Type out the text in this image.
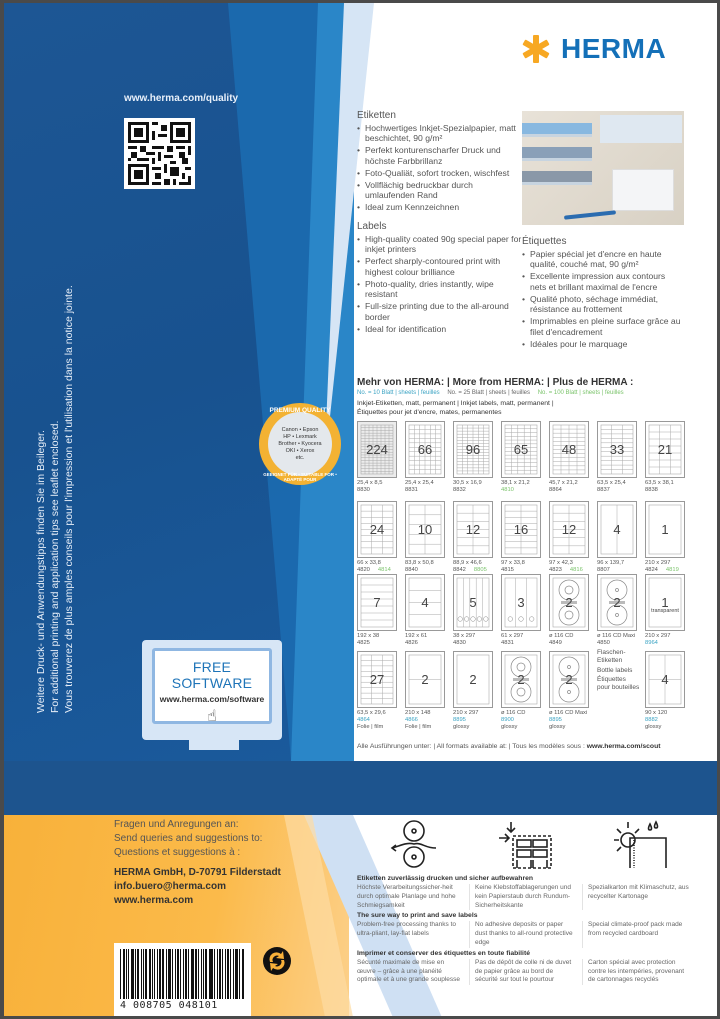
www.herma.com/quality
Weitere Druck- und Anwendungstipps finden Sie im Beileger. For additional printing and application tips see leaflet enclosed. Vous trouverez de plus amples conseils pour l'impression et l'utilisation dans la notice jointe.	PREMIUM QUALITY
Canon • Epson
HP • Lexmark
Brother • Kyocera
OKI • Xerox
etc.
GEEIGNET FÜR • SUITABLE FOR • ADAPTÉ POUR
FREE SOFTWARE
www.herma.com/software
☝
HERMA
Etiketten
• Hochwertiges Inkjet-Spezialpapier, matt beschichtet, 90 g/m²
• Perfekt konturenscharfer Druck und höchste Farbbrillanz
• Foto-Qualiät, sofort trocken, wischfest
• Vollflächig bedruckbar durch umlaufenden Rand
• Ideal zum Kennzeichnen
Labels
• High-quality coated 90g special paper for inkjet printers
• Perfect sharply-contoured print with highest colour brilliance
• Photo-quality, dries instantly, wipe resistant
• Full-size printing due to the all-around border
• Ideal for identification
Étiquettes
• Papier spécial jet d'encre en haute qualité, couché mat, 90 g/m²
• Excellente impression aux contours nets et brillant maximal de l'encre
• Qualité photo, séchage immédiat, résistance au frottement
• Imprimables en pleine surface grâce au filet d'encadrement
• Idéales pour le marquage
Mehr von HERMA: | More from HERMA: | Plus de HERMA :
No. = 10 Blatt | sheets | feuilles No. = 25 Blatt | sheets | feuilles No. = 100 Blatt | sheets | feuilles
Inkjet-Etiketten, matt, permanent | Inkjet labels, matt, permanent |
Étiquettes pour jet d'encre, mates, permanentes
224
25,4 x 8,5
8830
66
25,4 x 25,4
8831
96
30,5 x 16,9
8832
65
38,1 x 21,2
4810
48
45,7 x 21,2
8864
33
63,5 x 25,4
8837
21
63,5 x 38,1
8838
24
66 x 33,8
4820 4814
10
83,8 x 50,8
8840
12
88,9 x 46,6
8842 8805
16
97 x 33,8
4815
12
97 x 42,3
4823 4816
4
96 x 139,7
8807
1
210 x 297
4824 4819
7
192 x 38
4825
4
192 x 61
4826
5
38 x 297
4830
3
61 x 297
4831
2
ø 116 CD
4849
2
ø 116 CD Maxi
4850
1
transparent
210 x 297
8964
27
63,5 x 29,6
4864
Folie | film
2
210 x 148
4866
Folie | film
2
210 x 297
8895
glossy
2
ø 116 CD
8900
glossy
2
ø 116 CD Maxi
8895
glossy
4
90 x 120
8882
glossy
Flaschen-
Etiketten
Bottle labels
Étiquettes
pour bouteilles
Alle Ausführungen unter: | All formats available at: | Tous les modèles sous : www.herma.com/scout
Fragen und Anregungen an:
Send queries and suggestions to:
Questions et suggestions à :
HERMA GmbH, D-70791 Filderstadt
info.buero@herma.com
www.herma.com
4 008705 048101
Etiketten zuverlässig drucken und sicher aufbewahren
Höchste Verarbeitungssicher-heit durch optimale Planlage und hohe Schmiegsamkeit
Keine Klebstoffablagerungen und kein Papierstaub durch Rundum-Sicherheitskante
Spezialkarton mit Klimaschutz, aus recycelter Kartonage
The sure way to print and save labels
Problem-free processing thanks to ultra-pliant, lay-flat labels
No adhesive deposits or paper dust thanks to all-round protective edge
Special climate-proof pack made from recycled cardboard
Imprimer et conserver des étiquettes en toute fiabilité
Sécunté maximale de mise en œuvre – grâce à une planéité optimale et à une grande souplesse
Pas de dépôt de colle ni de duvet de papier grâce au bord de sécurité sur tout le pourtour
Carton spécial avec protection contre les intempéries, provenant de cartonnages recyclés
